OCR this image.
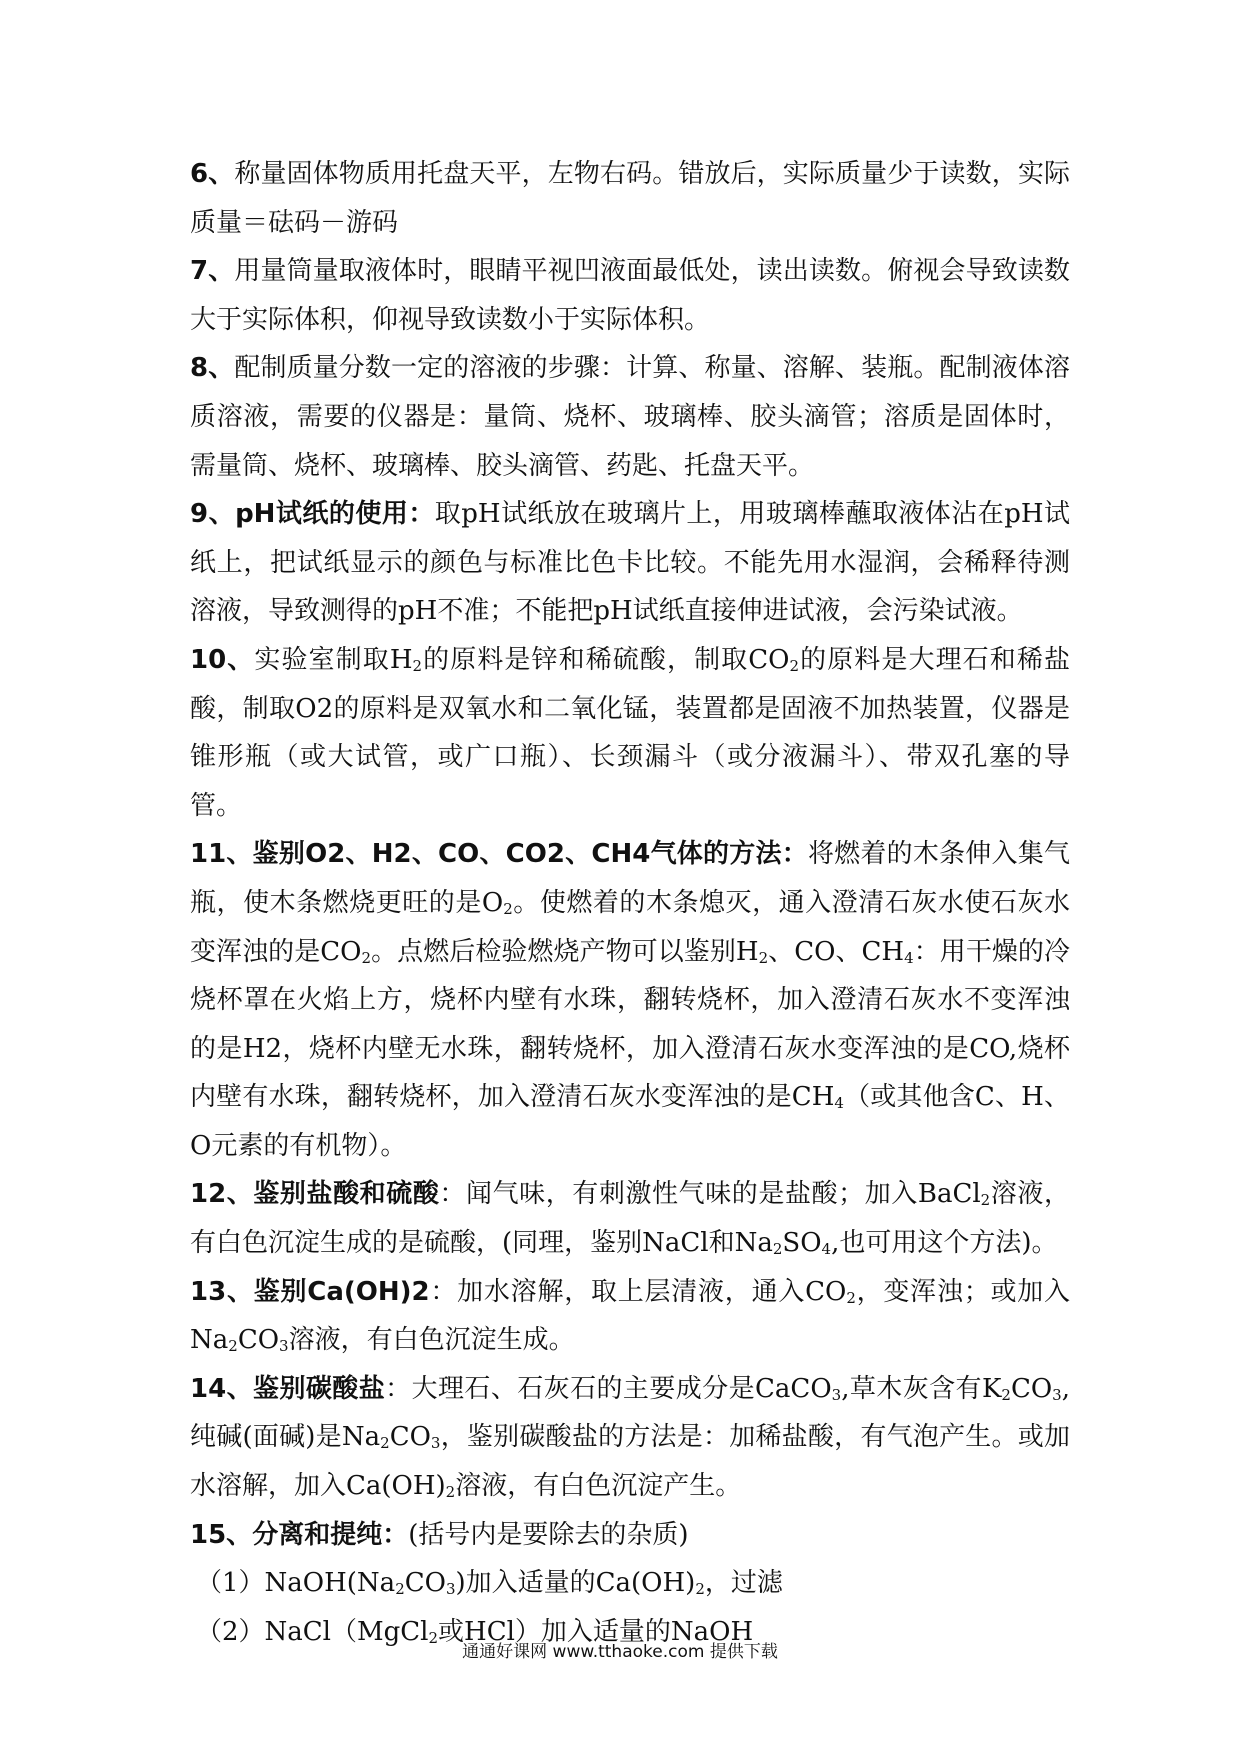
6、称量固体物质用托盘天平，左物右码。错放后，实际质量少于读数，实际质量＝砝码－游码

7、用量筒量取液体时，眼睛平视凹液面最低处，读出读数。俯视会导致读数大于实际体积，仰视导致读数小于实际体积。

8、配制质量分数一定的溶液的步骤：计算、称量、溶解、装瓶。配制液体溶质溶液，需要的仪器是：量筒、烧杯、玻璃棒、胶头滴管；溶质是固体时，需量筒、烧杯、玻璃棒、胶头滴管、药匙、托盘天平。

9、pH试纸的使用：取pH试纸放在玻璃片上，用玻璃棒蘸取液体沾在pH试纸上，把试纸显示的颜色与标准比色卡比较。不能先用水湿润，会稀释待测溶液，导致测得的pH不准；不能把pH试纸直接伸进试液，会污染试液。

10、实验室制取$H_2$的原料是锌和稀硫酸，制取$CO_2$的原料是大理石和稀盐酸，制取O2的原料是双氧水和二氧化锰，装置都是固液不加热装置，仪器是锥形瓶（或大试管，或广口瓶）、长颈漏斗（或分液漏斗）、带双孔塞的导管。

11、鉴别O2、H2、CO、CO2、CH4气体的方法：将燃着的木条伸入集气瓶，使木条燃烧更旺的是$O_2$。使燃着的木条熄灭，通入澄清石灰水使石灰水变浑浊的是$CO_2$。点燃后检验燃烧产物可以鉴别$H_2$、CO、$CH_4$：用干燥的冷烧杯罩在火焰上方，烧杯内壁有水珠，翻转烧杯，加入澄清石灰水不变浑浊的是H2，烧杯内壁无水珠，翻转烧杯，加入澄清石灰水变浑浊的是CO,烧杯内壁有水珠，翻转烧杯，加入澄清石灰水变浑浊的是$CH_4$（或其他含C、H、O元素的有机物）。

12、鉴别盐酸和硫酸：闻气味，有刺激性气味的是盐酸；加入BaCl$_2$溶液，有白色沉淀生成的是硫酸，(同理，鉴别NaCl和$Na_2SO_4$,也可用这个方法)。

13、鉴别Ca(OH)2：加水溶解，取上层清液，通入$CO_2$，变浑浊；或加入$Na_2CO_3$溶液，有白色沉淀生成。

14、鉴别碳酸盐：大理石、石灰石的主要成分是CaCO$_3$,草木灰含有$K_2CO_3$,纯碱(面碱)是$Na_2CO_3$，鉴别碳酸盐的方法是：加稀盐酸，有气泡产生。或加水溶解，加入$Ca(OH)_2$溶液，有白色沉淀产生。

15、分离和提纯：(括号内是要除去的杂质)

$(1)NaOH(Na_2CO_3)$加入适量的$Ca(OH)_2$，过滤
（2）NaCl（MgCl$_2$或HCl）加入适量的NaOH
通通好课网 www.tthaoke.com 提供下载
